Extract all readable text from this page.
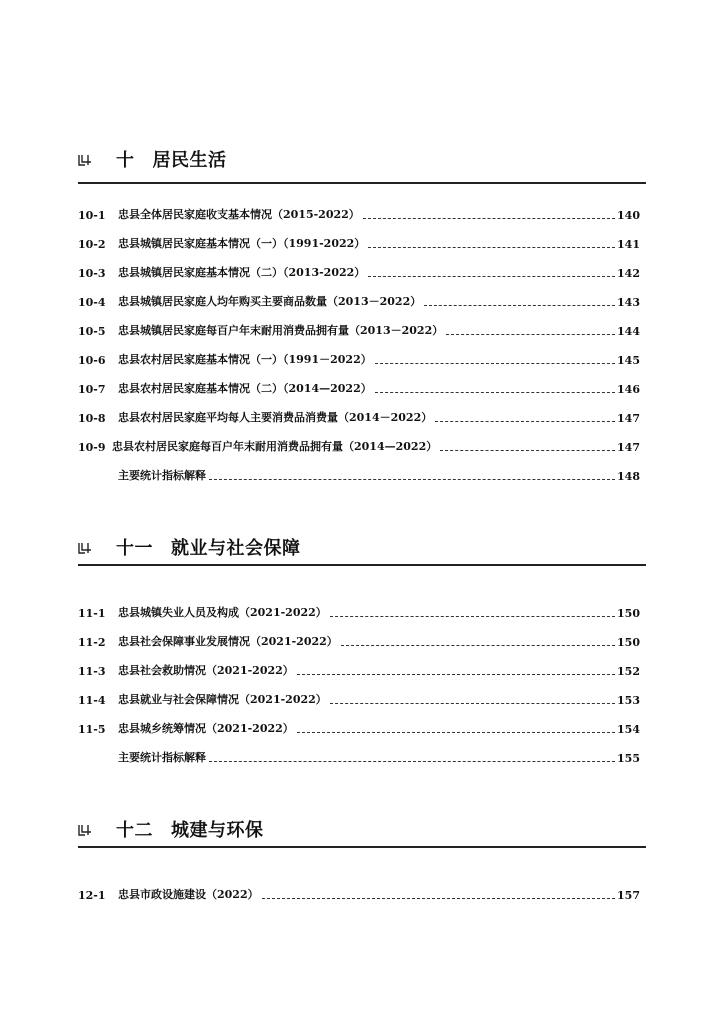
十 居民生活
10-1	忠县全体居民家庭收支基本情况（2015-2022）	140
10-2	忠县城镇居民家庭基本情况（一）（1991-2022）	141
10-3	忠县城镇居民家庭基本情况（二）（2013-2022）	142
10-4	忠县城镇居民家庭人均年购买主要商品数量（2013－2022）	143
10-5	忠县城镇居民家庭每百户年末耐用消费品拥有量（2013－2022）	144
10-6	忠县农村居民家庭基本情况（一）（1991－2022）	145
10-7	忠县农村居民家庭基本情况（二）（2014—2022）	146
10-8	忠县农村居民家庭平均每人主要消费品消费量（2014－2022）	147
10-9 忠县农村居民家庭每百户年末耐用消费品拥有量（2014—2022）	147
主要统计指标解释	148
十一 就业与社会保障
11-1	忠县城镇失业人员及构成（2021-2022）	150
11-2	忠县社会保障事业发展情况（2021-2022）	150
11-3	忠县社会救助情况（2021-2022）	152
11-4	忠县就业与社会保障情况（2021-2022）	153
11-5	忠县城乡统筹情况（2021-2022）	154
主要统计指标解释	155
十二 城建与环保
12-1	忠县市政设施建设（2022）	157
